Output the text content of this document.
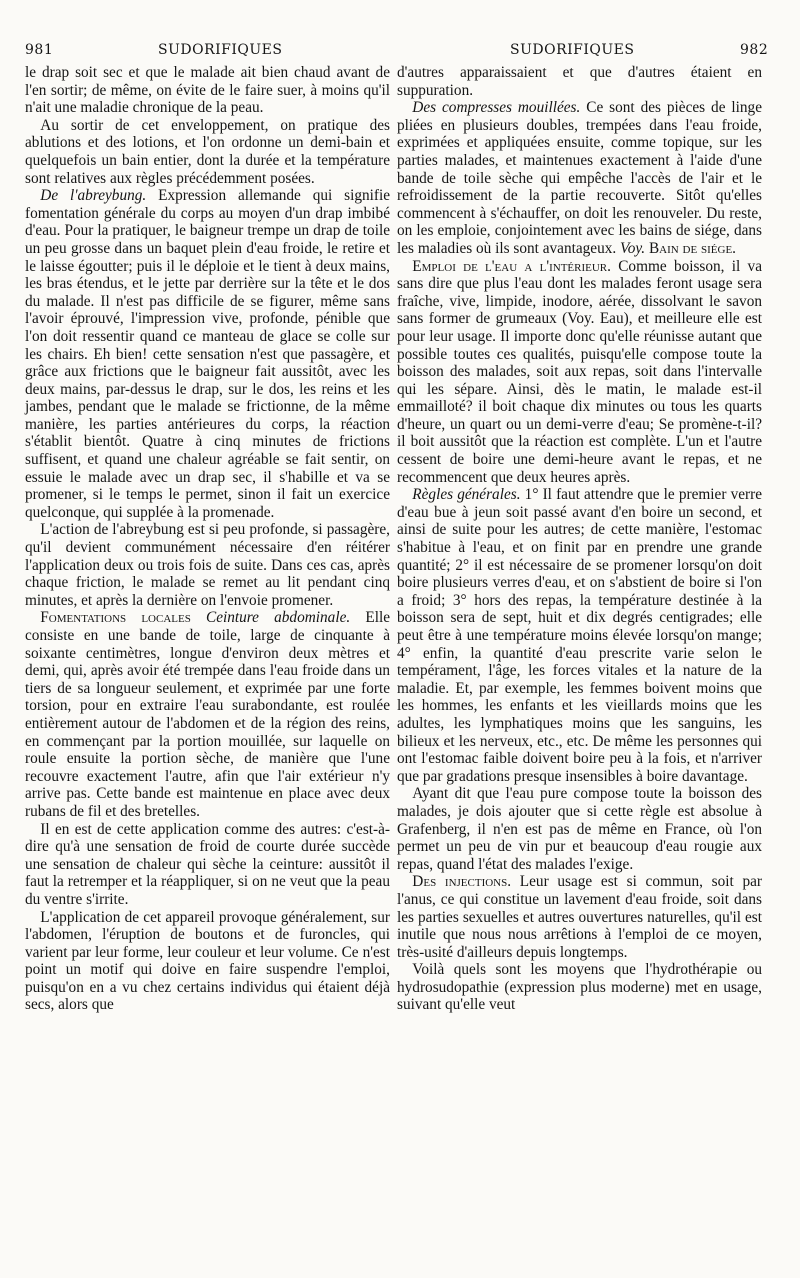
981	SUDORIFIQUES	SUDORIFIQUES	982

le drap soit sec et que le malade ait bien chaud avant de l'en sortir; de même, on évite de le faire suer, à moins qu'il n'ait une maladie chronique de la peau.

Au sortir de cet enveloppement, on pratique des ablutions et des lotions, et l'on ordonne un demi-bain et quelquefois un bain entier, dont la durée et la température sont relatives aux règles précédemment posées.

De l'abreybung. Expression allemande qui signifie fomentation générale du corps au moyen d'un drap imbibé d'eau. Pour la pratiquer, le baigneur trempe un drap de toile un peu grosse dans un baquet plein d'eau froide, le retire et le laisse égoutter; puis il le déploie et le tient à deux mains, les bras étendus, et le jette par derrière sur la tête et le dos du malade. Il n'est pas difficile de se figurer, même sans l'avoir éprouvé, l'impression vive, profonde, pénible que l'on doit ressentir quand ce manteau de glace se colle sur les chairs. Eh bien! cette sensation n'est que passagère, et grâce aux frictions que le baigneur fait aussitôt, avec les deux mains, par-dessus le drap, sur le dos, les reins et les jambes, pendant que le malade se frictionne, de la même manière, les parties antérieures du corps, la réaction s'établit bientôt. Quatre à cinq minutes de frictions suffisent, et quand une chaleur agréable se fait sentir, on essuie le malade avec un drap sec, il s'habille et va se promener, si le temps le permet, sinon il fait un exercice quelconque, qui supplée à la promenade.

L'action de l'abreybung est si peu profonde, si passagère, qu'il devient communément nécessaire d'en réitérer l'application deux ou trois fois de suite. Dans ces cas, après chaque friction, le malade se remet au lit pendant cinq minutes, et après la dernière on l'envoie promener.

Fomentations locales Ceinture abdominale. Elle consiste en une bande de toile, large de cinquante à soixante centimètres, longue d'environ deux mètres et demi, qui, après avoir été trempée dans l'eau froide dans un tiers de sa longueur seulement, et exprimée par une forte torsion, pour en extraire l'eau surabondante, est roulée entièrement autour de l'abdomen et de la région des reins, en commençant par la portion mouillée, sur laquelle on roule ensuite la portion sèche, de manière que l'une recouvre exactement l'autre, afin que l'air extérieur n'y arrive pas. Cette bande est maintenue en place avec deux rubans de fil et des bretelles.

Il en est de cette application comme des autres: c'est-à-dire qu'à une sensation de froid de courte durée succède une sensation de chaleur qui sèche la ceinture: aussitôt il faut la retremper et la réappliquer, si on ne veut que la peau du ventre s'irrite.

L'application de cet appareil provoque généralement, sur l'abdomen, l'éruption de boutons et de furoncles, qui varient par leur forme, leur couleur et leur volume. Ce n'est point un motif qui doive en faire suspendre l'emploi, puisqu'on en a vu chez certains individus qui étaient déjà secs, alors que

d'autres apparaissaient et que d'autres étaient en suppuration.

Des compresses mouillées. Ce sont des pièces de linge pliées en plusieurs doubles, trempées dans l'eau froide, exprimées et appliquées ensuite, comme topique, sur les parties malades, et maintenues exactement à l'aide d'une bande de toile sèche qui empêche l'accès de l'air et le refroidissement de la partie recouverte. Sitôt qu'elles commencent à s'échauffer, on doit les renouveler. Du reste, on les emploie, conjointement avec les bains de siége, dans les maladies où ils sont avantageux. Voy. Bain de siége.

Emploi de l'eau a l'intérieur. Comme boisson, il va sans dire que plus l'eau dont les malades feront usage sera fraîche, vive, limpide, inodore, aérée, dissolvant le savon sans former de grumeaux (Voy. Eau), et meilleure elle est pour leur usage. Il importe donc qu'elle réunisse autant que possible toutes ces qualités, puisqu'elle compose toute la boisson des malades, soit aux repas, soit dans l'intervalle qui les sépare. Ainsi, dès le matin, le malade est-il emmailloté? il boit chaque dix minutes ou tous les quarts d'heure, un quart ou un demi-verre d'eau; Se promène-t-il? il boit aussitôt que la réaction est complète. L'un et l'autre cessent de boire une demi-heure avant le repas, et ne recommencent que deux heures après.

Règles générales. 1° Il faut attendre que le premier verre d'eau bue à jeun soit passé avant d'en boire un second, et ainsi de suite pour les autres; de cette manière, l'estomac s'habitue à l'eau, et on finit par en prendre une grande quantité; 2° il est nécessaire de se promener lorsqu'on doit boire plusieurs verres d'eau, et on s'abstient de boire si l'on a froid; 3° hors des repas, la température destinée à la boisson sera de sept, huit et dix degrés centigrades; elle peut être à une température moins élevée lorsqu'on mange; 4° enfin, la quantité d'eau prescrite varie selon le tempérament, l'âge, les forces vitales et la nature de la maladie. Et, par exemple, les femmes boivent moins que les hommes, les enfants et les vieillards moins que les adultes, les lymphatiques moins que les sanguins, les bilieux et les nerveux, etc., etc. De même les personnes qui ont l'estomac faible doivent boire peu à la fois, et n'arriver que par gradations presque insensibles à boire davantage.

Ayant dit que l'eau pure compose toute la boisson des malades, je dois ajouter que si cette règle est absolue à Grafenberg, il n'en est pas de même en France, où l'on permet un peu de vin pur et beaucoup d'eau rougie aux repas, quand l'état des malades l'exige.

Des injections. Leur usage est si commun, soit par l'anus, ce qui constitue un lavement d'eau froide, soit dans les parties sexuelles et autres ouvertures naturelles, qu'il est inutile que nous nous arrêtions à l'emploi de ce moyen, très-usité d'ailleurs depuis longtemps.

Voilà quels sont les moyens que l'hydrothérapie ou hydrosudopathie (expression plus moderne) met en usage, suivant qu'elle veut
